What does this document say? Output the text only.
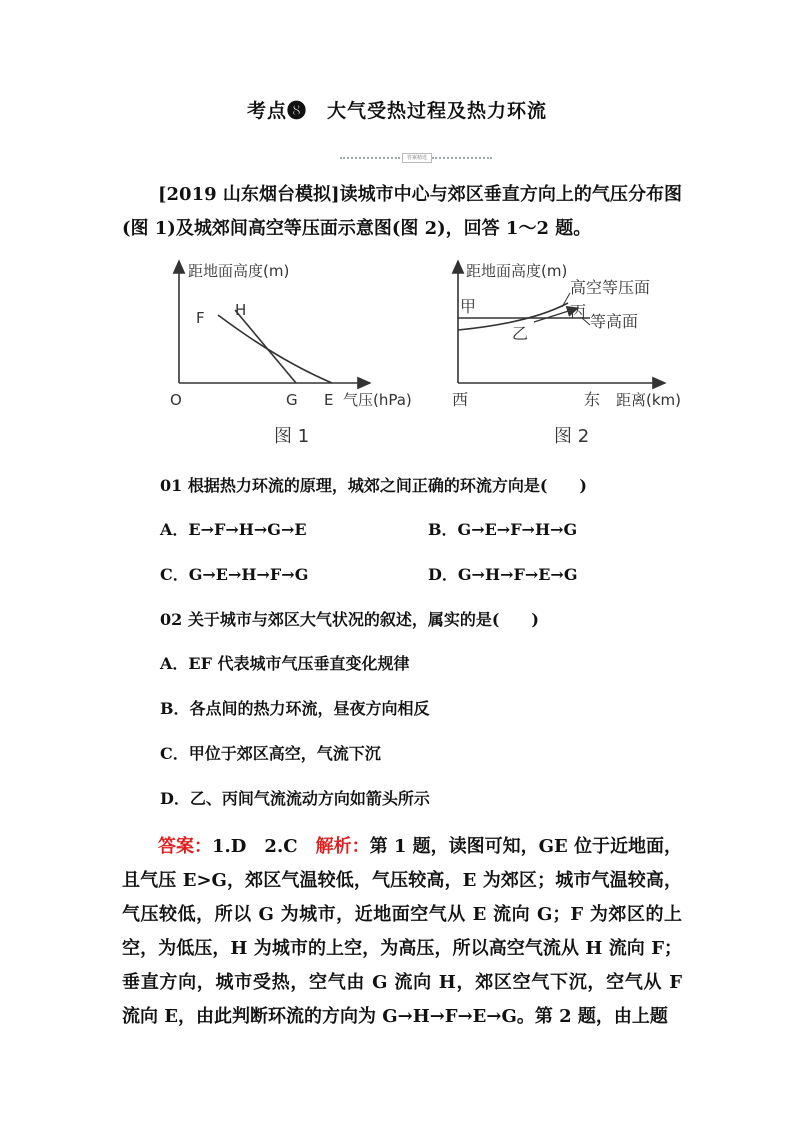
考点❽　大气受热过程及热力环流
答案精选
[2019 山东烟台模拟]读城市中心与郊区垂直方向上的气压分布图(图 1)及城郊间高空等压面示意图(图 2)，回答 1～2 题。
距地面高度(m)
F H
O	G E 气压(hPa)
图 1
距地面高度(m)
高空等压面
甲	丙
等高面
乙
西	东 距离(km)
图 2
01 根据热力环流的原理，城郊之间正确的环流方向是(　　)
A．E→F→H→G→E	B．G→E→F→H→G
C．G→E→H→F→G	D．G→H→F→E→G
02 关于城市与郊区大气状况的叙述，属实的是(　　)
A．EF 代表城市气压垂直变化规律
B．各点间的热力环流，昼夜方向相反
C．甲位于郊区高空，气流下沉
D．乙、丙间气流流动方向如箭头所示
答案：1.D　2.C　 解析：第 1 题，读图可知，GE 位于近地面，且气压 E>G，郊区气温较低，气压较高，E 为郊区；城市气温较高，气压较低，所以 G 为城市，近地面空气从 E 流向 G；F 为郊区的上空，为低压，H 为城市的上空，为高压，所以高空气流从 H 流向 F；垂直方向，城市受热，空气由 G 流向 H，郊区空气下沉，空气从 F 流向 E，由此判断环流的方向为 G→H→F→E→G。第 2 题，由上题
